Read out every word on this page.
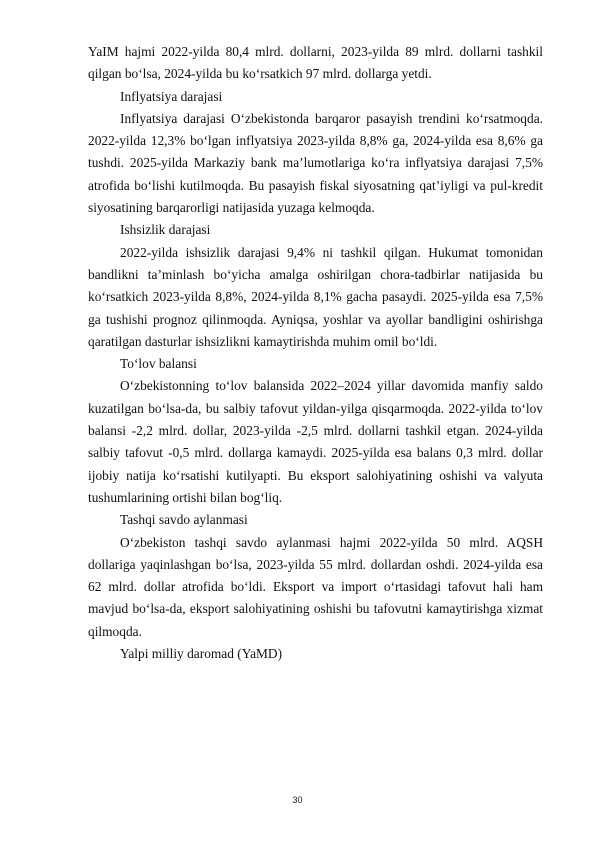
YaIM hajmi 2022-yilda 80,4 mlrd. dollarni, 2023-yilda 89 mlrd. dollarni tashkil qilgan bo‘lsa, 2024-yilda bu ko‘rsatkich 97 mlrd. dollarga yetdi.

Inflyatsiya darajasi

Inflyatsiya darajasi O‘zbekistonda barqaror pasayish trendini ko‘rsatmoqda. 2022-yilda 12,3% bo‘lgan inflyatsiya 2023-yilda 8,8% ga, 2024-yilda esa 8,6% ga tushdi. 2025-yilda Markaziy bank ma’lumotlariga ko‘ra inflyatsiya darajasi 7,5% atrofida bo‘lishi kutilmoqda. Bu pasayish fiskal siyosatning qat’iyligi va pul-kredit siyosatining barqarorligi natijasida yuzaga kelmoqda.

Ishsizlik darajasi

2022-yilda ishsizlik darajasi 9,4% ni tashkil qilgan. Hukumat tomonidan bandlikni ta’minlash bo‘yicha amalga oshirilgan chora-tadbirlar natijasida bu ko‘rsatkich 2023-yilda 8,8%, 2024-yilda 8,1% gacha pasaydi. 2025-yilda esa 7,5% ga tushishi prognoz qilinmoqda. Ayniqsa, yoshlar va ayollar bandligini oshirishga qaratilgan dasturlar ishsizlikni kamaytirishda muhim omil bo‘ldi.

To‘lov balansi

O‘zbekistonning to‘lov balansida 2022–2024 yillar davomida manfiy saldo kuzatilgan bo‘lsa-da, bu salbiy tafovut yildan-yilga qisqarmoqda. 2022-yilda to‘lov balansi -2,2 mlrd. dollar, 2023-yilda -2,5 mlrd. dollarni tashkil etgan. 2024-yilda salbiy tafovut -0,5 mlrd. dollarga kamaydi. 2025-yilda esa balans 0,3 mlrd. dollar ijobiy natija ko‘rsatishi kutilyapti. Bu eksport salohiyatining oshishi va valyuta tushumlarining ortishi bilan bog‘liq.

Tashqi savdo aylanmasi

O‘zbekiston tashqi savdo aylanmasi hajmi 2022-yilda 50 mlrd. AQSH dollariga yaqinlashgan bo‘lsa, 2023-yilda 55 mlrd. dollardan oshdi. 2024-yilda esa 62 mlrd. dollar atrofida bo‘ldi. Eksport va import o‘rtasidagi tafovut hali ham mavjud bo‘lsa-da, eksport salohiyatining oshishi bu tafovutni kamaytirishga xizmat qilmoqda.

Yalpi milliy daromad (YaMD)

30
